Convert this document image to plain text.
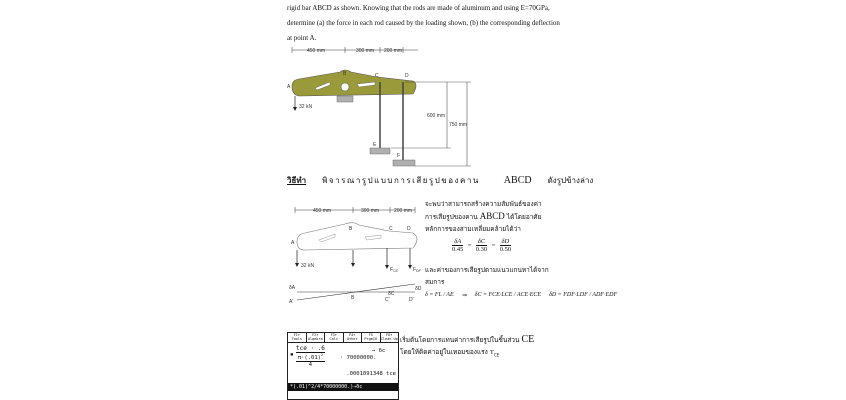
rigid bar ABCD as shown. Knowing that the rods are made of aluminum and using E=70GPa,
determine (a) the force in each rod caused by the loading shown, (b) the corresponding deflection
at point A.
450 mm	300 mm 200 mm
A
B	C	D
E
F
32 kN
600 mm
750 mm
วิธีทำ พิจารณารูปแบบการเสียรูปของคาน ABCD ดังรูปข้างล่าง
450 mm	300 mm	200 mm
A
B	C	D
32 kN
$F_{CE}$	$F_{DF}$
δA
δC
δD
A'
B	C'	D'
จะพบว่าสามารถสร้างความสัมพันธ์ของค่า
การเสียรูปของคาน ABCD ได้โดยอาศัย
หลักการของสามเหลี่ยมคล้ายได้ว่า
$\frac{\delta A}{0.45} = \frac{\delta C}{0.30} = \frac{\delta D}{0.50}$
และค่าของการเสียรูปตามแนวแกนหาได้จาก
สมการ
δ = FL / AE ⇒ δC = FCE·LCE / ACE·ECE δD = FDF·LDF / ADF·EDF
F1▾
Tools
F2▾
Algebra
F3▾
Calc
F4▾
Other
F5
PrgmIO
F6▾
Clean Up
▪
tce · .6
$\pi\cdot(.01)^2$
4
· 70000000.
→ δc
.0001091348 tce
*(.01)^2/4*70000000.)→δc
เริ่มต้นโดยการแทนค่าการเสียรูปในชิ้นส่วน CE
โดยให้ติดค่าอยู่ในเทอมของแรง $T_{CE}$
